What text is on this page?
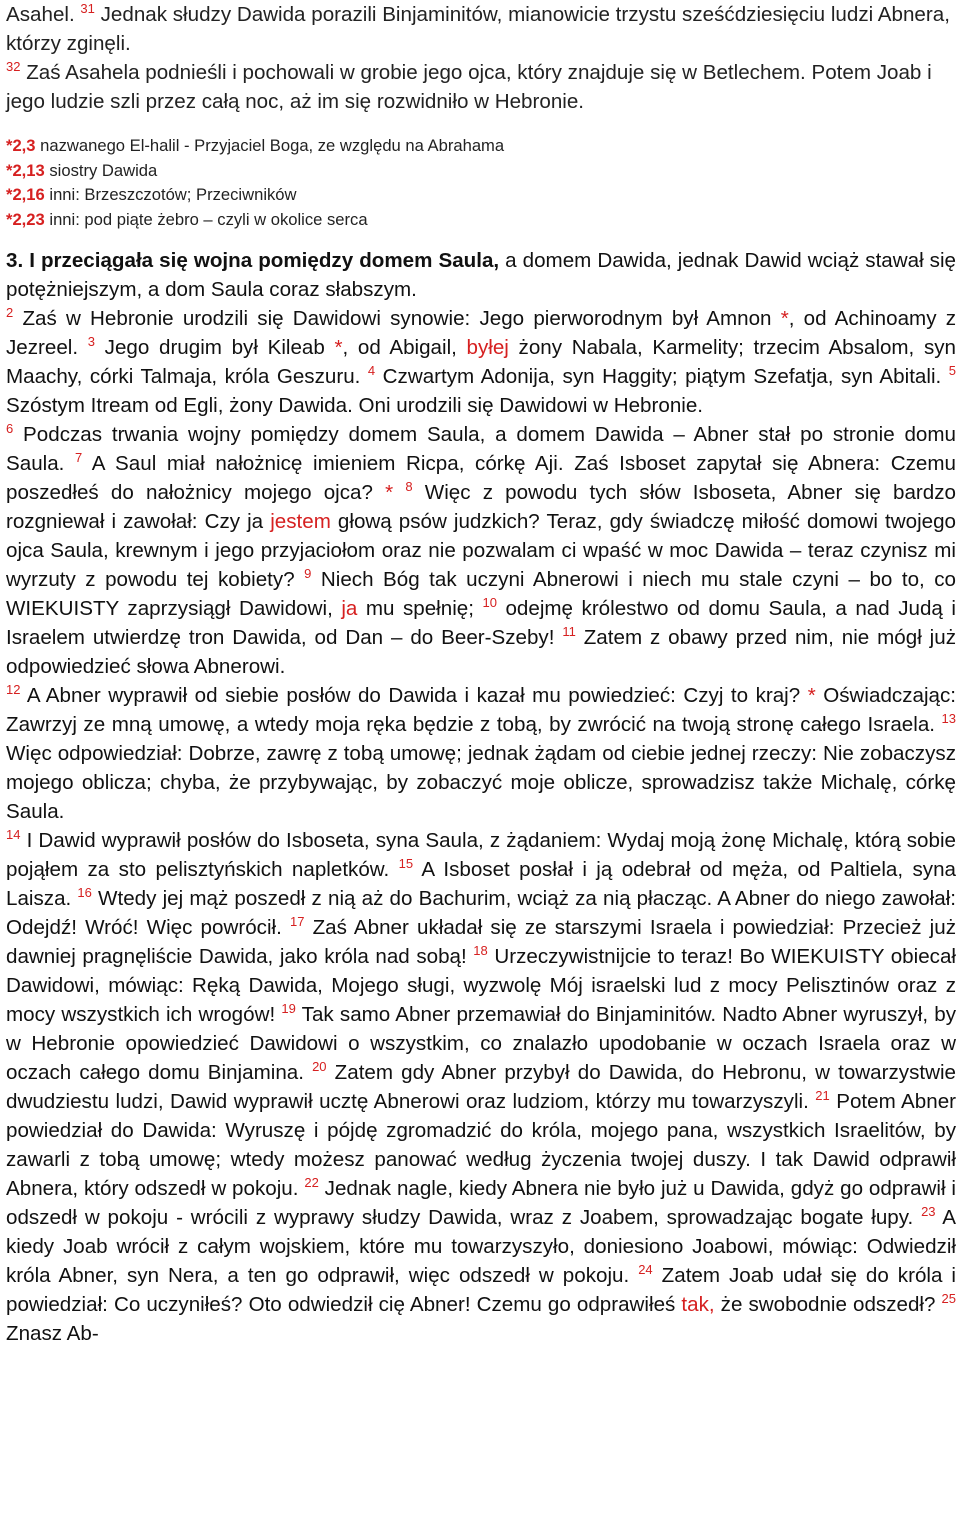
Asahel. $^{31}$ Jednak słudzy Dawida porazili Binjaminitów, mianowicie trzystu sześćdziesięciu ludzi Abnera, którzy zginęli.
$^{32}$ Zaś Asahela podnieśli i pochowali w grobie jego ojca, który znajduje się w Betlechem. Potem Joab i jego ludzie szli przez całą noc, aż im się rozwidniło w Hebronie.

*2,3 nazwanego El-halil - Przyjaciel Boga, ze względu na Abrahama
*2,13 siostry Dawida
*2,16 inni: Brzeszczotów; Przeciwników
*2,23 inni: pod piąte żebro – czyli w okolice serca

3. I przeciągała się wojna pomiędzy domem Saula, a domem Dawida, jednak Dawid wciąż stawał się potężniejszym, a dom Saula coraz słabszym.

$^2$ Zaś w Hebronie urodzili się Dawidowi synowie: Jego pierworodnym był Amnon *, od Achinoamy z Jezreel. $^3$ Jego drugim był Kileab *, od Abigail, byłej żony Nabala, Karmelity; trzecim Absalom, syn Maachy, córki Talmaja, króla Geszuru. $^4$ Czwartym Adonija, syn Haggity; piątym Szefatja, syn Abitali. $^5$ Szóstym Itream od Egli, żony Dawida. Oni urodzili się Dawidowi w Hebronie.

$^6$ Podczas trwania wojny pomiędzy domem Saula, a domem Dawida – Abner stał po stronie domu Saula. $^7$ A Saul miał nałożnicę imieniem Ricpa, córkę Aji. Zaś Isboset zapytał się Abnera: Czemu poszedłeś do nałożnicy mojego ojca? * $^8$ Więc z powodu tych słów Isboseta, Abner się bardzo rozgniewał i zawołał: Czy ja jestem głową psów judzkich? Teraz, gdy świadczę miłość domowi twojego ojca Saula, krewnym i jego przyjaciołom oraz nie pozwalam ci wpaść w moc Dawida – teraz czynisz mi wyrzuty z powodu tej kobiety? $^9$ Niech Bóg tak uczyni Abnerowi i niech mu stale czyni – bo to, co WIEKUISTY zaprzysiągł Dawidowi, ja mu spełnię; $^{10}$ odejmę królestwo od domu Saula, a nad Judą i Israelem utwierdzę tron Dawida, od Dan – do Beer-Szeby! $^{11}$ Zatem z obawy przed nim, nie mógł już odpowiedzieć słowa Abnerowi.

$^{12}$ A Abner wyprawił od siebie posłów do Dawida i kazał mu powiedzieć: Czyj to kraj? * Oświadczając: Zawrzyj ze mną umowę, a wtedy moja ręka będzie z tobą, by zwrócić na twoją stronę całego Israela. $^{13}$ Więc odpowiedział: Dobrze, zawrę z tobą umowę; jednak żądam od ciebie jednej rzeczy: Nie zobaczysz mojego oblicza; chyba, że przybywając, by zobaczyć moje oblicze, sprowadzisz także Michalę, córkę Saula.

$^{14}$ I Dawid wyprawił posłów do Isboseta, syna Saula, z żądaniem: Wydaj moją żonę Michalę, którą sobie pojąłem za sto pelisztyńskich napletków. $^{15}$ A Isboset posłał i ją odebrał od męża, od Paltiela, syna Laisza. $^{16}$ Wtedy jej mąż poszedł z nią aż do Bachurim, wciąż za nią płacząc. A Abner do niego zawołał: Odejdź! Wróć! Więc powrócił. $^{17}$ Zaś Abner układał się ze starszymi Israela i powiedział: Przecież już dawniej pragnęliście Dawida, jako króla nad sobą! $^{18}$ Urzeczywistnijcie to teraz! Bo WIEKUISTY obiecał Dawidowi, mówiąc: Ręką Dawida, Mojego sługi, wyzwolę Mój israelski lud z mocy Pelisztinów oraz z mocy wszystkich ich wrogów! $^{19}$ Tak samo Abner przemawiał do Binjaminitów. Nadto Abner wyruszył, by w Hebronie opowiedzieć Dawidowi o wszystkim, co znalazło upodobanie w oczach Israela oraz w oczach całego domu Binjamina. $^{20}$ Zatem gdy Abner przybył do Dawida, do Hebronu, w towarzystwie dwudziestu ludzi, Dawid wyprawił ucztę Abnerowi oraz ludziom, którzy mu towarzyszyli. $^{21}$ Potem Abner powiedział do Dawida: Wyruszę i pójdę zgromadzić do króla, mojego pana, wszystkich Israelitów, by zawarli z tobą umowę; wtedy możesz panować według życzenia twojej duszy. I tak Dawid odprawił Abnera, który odszedł w pokoju. $^{22}$ Jednak nagle, kiedy Abnera nie było już u Dawida, gdyż go odprawił i odszedł w pokoju - wrócili z wyprawy słudzy Dawida, wraz z Joabem, sprowadzając bogate łupy. $^{23}$ A kiedy Joab wrócił z całym wojskiem, które mu towarzyszyło, doniesiono Joabowi, mówiąc: Odwiedził króla Abner, syn Nera, a ten go odprawił, więc odszedł w pokoju. $^{24}$ Zatem Joab udał się do króla i powiedział: Co uczyniłeś? Oto odwiedził cię Abner! Czemu go odprawiłeś tak, że swobodnie odszedł? $^{25}$ Znasz Ab-
